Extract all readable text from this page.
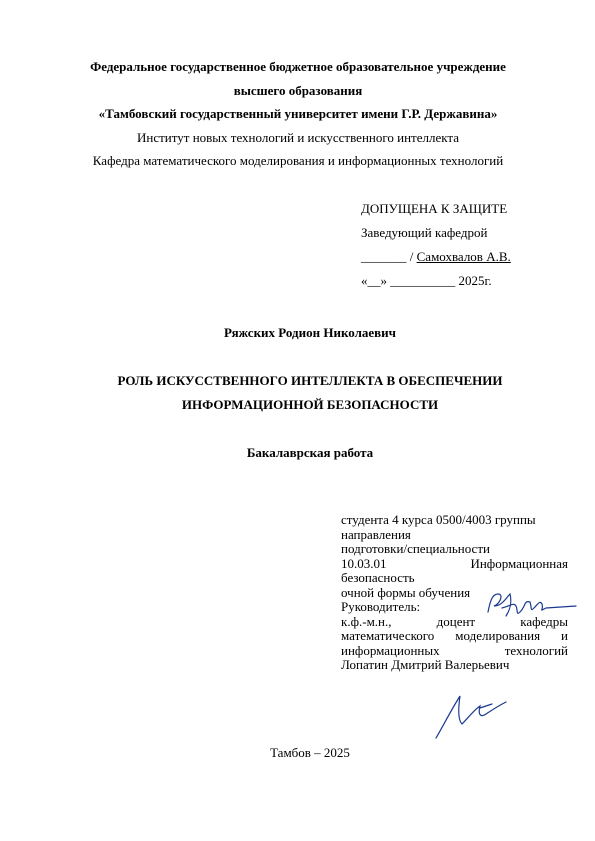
Федеральное государственное бюджетное образовательное учреждение
высшего образования
«Тамбовский государственный университет имени Г.Р. Державина»
Институт новых технологий и искусственного интеллекта
Кафедра математического моделирования и информационных технологий
ДОПУЩЕНА К ЗАЩИТЕ
Заведующий кафедрой
_______ / Самохвалов А.В.
«__» __________ 2025г.
Ряжских Родион Николаевич
РОЛЬ ИСКУССТВЕННОГО ИНТЕЛЛЕКТА В ОБЕСПЕЧЕНИИ
ИНФОРМАЦИОННОЙ БЕЗОПАСНОСТИ
Бакалаврская работа
студента 4 курса 0500/4003 группы
направления
подготовки/специальности
10.03.01 Информационная
безопасность
очной формы обучения
Руководитель:
к.ф.-м.н., доцент кафедры
математического моделирования и
информационных технологий
Лопатин Дмитрий Валерьевич
Тамбов – 2025
